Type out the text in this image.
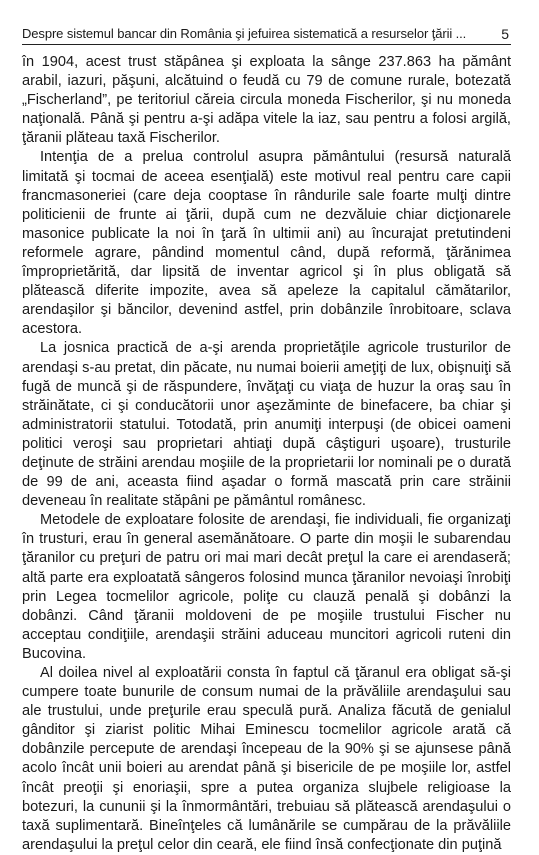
Despre sistemul bancar din România şi jefuirea sistematică a resurselor ţării ...	5

în 1904, acest trust stăpânea şi exploata la sânge 237.863 ha pământ arabil, iazuri, păşuni, alcătuind o feudă cu 79 de comune rurale, botezată „Fischerland”, pe teritoriul căreia circula moneda Fischerilor, şi nu moneda naţională. Până şi pentru a-şi adăpa vitele la iaz, sau pentru a folosi argilă, ţăranii plăteau taxă Fischerilor.

Intenţia de a prelua controlul asupra pământului (resursă naturală limitată şi tocmai de aceea esenţială) este motivul real pentru care capii francmasoneriei (care deja cooptase în rândurile sale foarte mulţi dintre politicienii de frunte ai ţării, după cum ne dezvăluie chiar dicţionarele masonice publicate la noi în ţară în ultimii ani) au încurajat pretutindeni reformele agrare, pândind momentul când, după reformă, ţărănimea împroprietărită, dar lipsită de inventar agricol şi în plus obligată să plătească diferite impozite, avea să apeleze la capitalul cămătarilor, arendaşilor şi băncilor, devenind astfel, prin dobânzile înrobitoare, sclava acestora.

La josnica practică de a-şi arenda proprietăţile agricole trusturilor de arendaşi s-au pretat, din păcate, nu numai boierii ameţiţi de lux, obişnuiţi să fugă de muncă şi de răspundere, învăţaţi cu viaţa de huzur la oraş sau în străinătate, ci şi conducătorii unor aşezăminte de binefacere, ba chiar şi administratorii statului. Totodată, prin anumiţi interpuşi (de obicei oameni politici veroşi sau proprietari ahtiaţi după câştiguri uşoare), trusturile deţinute de străini arendau moşiile de la proprietarii lor nominali pe o durată de 99 de ani, aceasta fiind aşadar o formă mascată prin care străinii deveneau în realitate stăpâni pe pământul românesc.

Metodele de exploatare folosite de arendaşi, fie individuali, fie organizaţi în trusturi, erau în general asemănătoare. O parte din moşii le subarendau ţăranilor cu preţuri de patru ori mai mari decât preţul la care ei arendaseră; altă parte era exploatată sângeros folosind munca ţăranilor nevoiaşi înrobiţi prin Legea tocmelilor agricole, poliţe cu clauză penală şi dobânzi la dobânzi. Când ţăranii moldoveni de pe moşiile trustului Fischer nu acceptau condiţiile, arendaşii străini aduceau muncitori agricoli ruteni din Bucovina.

Al doilea nivel al exploatării consta în faptul că ţăranul era obligat să-şi cumpere toate bunurile de consum numai de la prăvăliile arendaşului sau ale trustului, unde preţurile erau speculă pură. Analiza făcută de genialul gânditor şi ziarist politic Mihai Eminescu tocmelilor agricole arată că dobânzile percepute de arendaşi începeau de la 90% şi se ajunsese până acolo încât unii boieri au arendat până şi bisericile de pe moşiile lor, astfel încât preoţii şi enoriaşii, spre a putea organiza slujbele religioase la botezuri, la cununii şi la înmormântări, trebuiau să plătească arendaşului o taxă suplimentară. Bineînţeles că lumânările se cumpărau de la prăvăliile arendaşului la preţul celor din ceară, ele fiind însă confecţionate din puţină
